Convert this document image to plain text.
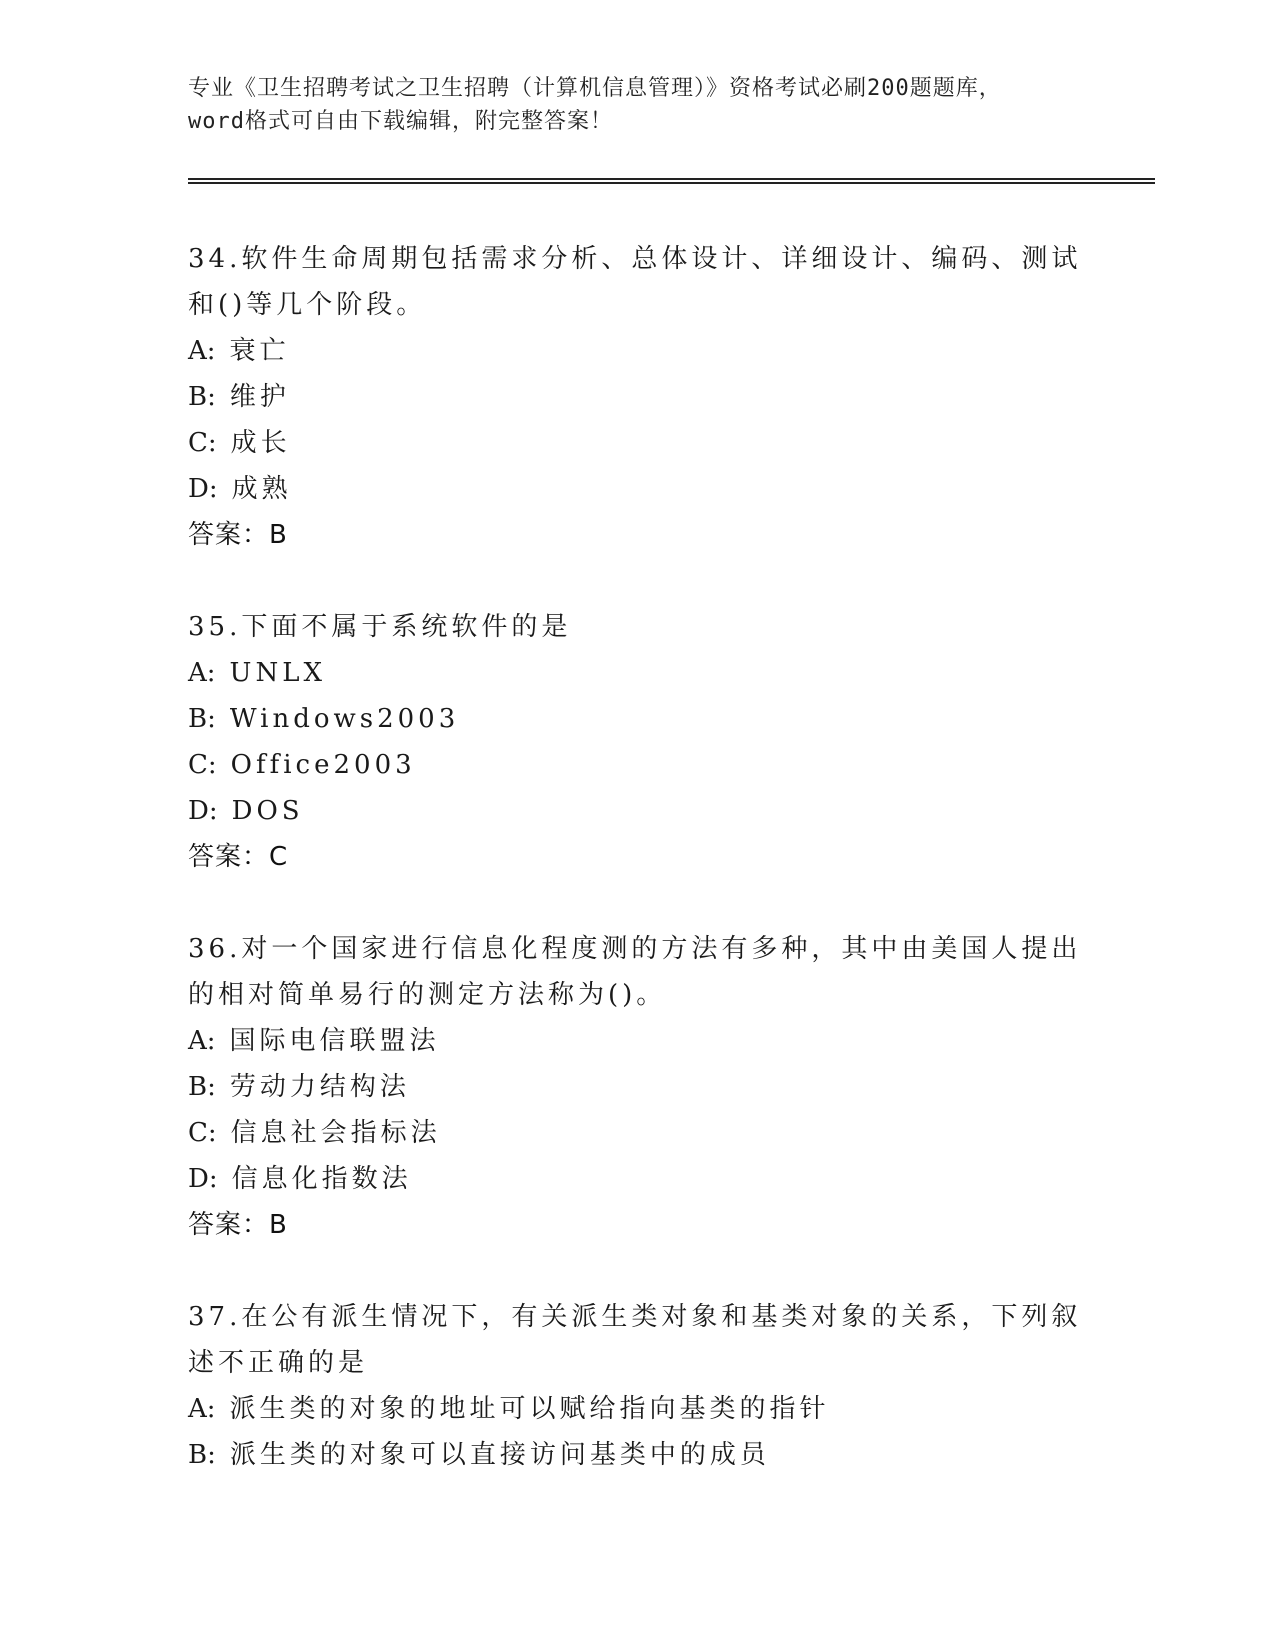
专业《卫生招聘考试之卫生招聘（计算机信息管理）》资格考试必刷200题题库，
word格式可自由下载编辑，附完整答案！

34.软件生命周期包括需求分析、总体设计、详细设计、编码、测试和()等几个阶段。

A: 衰亡

B: 维护

C: 成长

D: 成熟

答案：B

35.下面不属于系统软件的是

A: UNLX

B: Windows2003

C: Office2003

D: DOS

答案：C

36.对一个国家进行信息化程度测的方法有多种，其中由美国人提出的相对简单易行的测定方法称为()。

A: 国际电信联盟法

B: 劳动力结构法

C: 信息社会指标法

D: 信息化指数法

答案：B

37.在公有派生情况下，有关派生类对象和基类对象的关系，下列叙述不正确的是

A: 派生类的对象的地址可以赋给指向基类的指针

B: 派生类的对象可以直接访问基类中的成员
